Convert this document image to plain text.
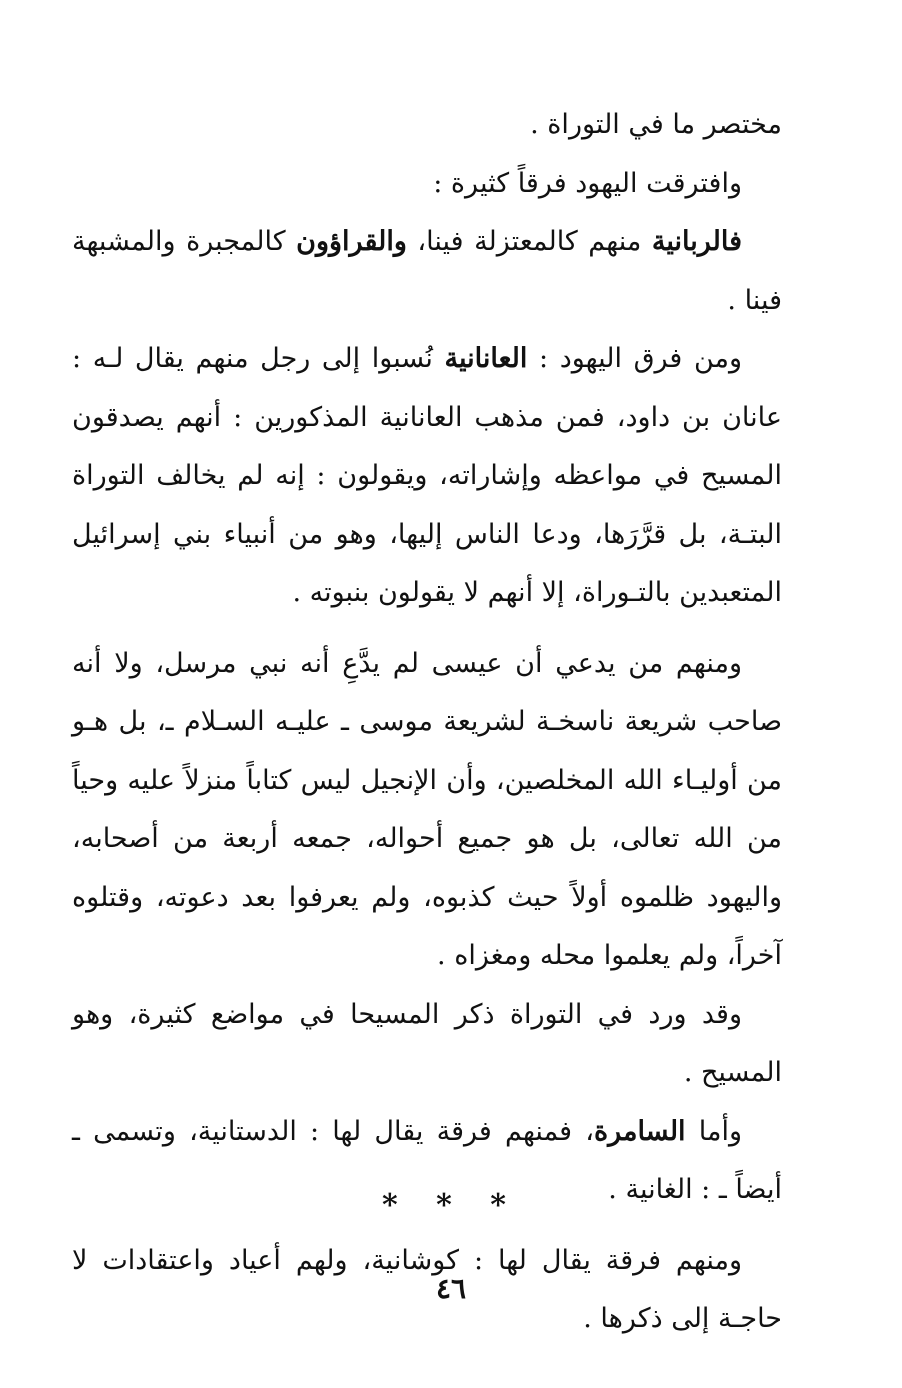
مختصر ما في التوراة .

وافترقت اليهود فرقاً كثيرة :

فالربانية منهم كالمعتزلة فينا، والقراؤون كالمجبرة والمشبهة فينا .

ومن فرق اليهود : العانانية نُسبوا إلى رجل منهم يقال لـه : عانان بن داود، فمن مذهب العانانية المذكورين : أنهم يصدقون المسيح في مواعظه وإشاراته، ويقولون : إنه لم يخالف التوراة البتـة، بل قرَّرَها، ودعا الناس إليها، وهو من أنبياء بني إسرائيل المتعبدين بالتـوراة، إلا أنهم لا يقولون بنبوته .

ومنهم من يدعي أن عيسى لم يدَّعِ أنه نبي مرسل، ولا أنه صاحب شريعة ناسخـة لشريعة موسى ـ عليـه السـلام ـ، بل هـو من أوليـاء الله المخلصين، وأن الإنجيل ليس كتاباً منزلاً عليه وحياً من الله تعالى، بل هو جميع أحواله، جمعه أربعة من أصحابه، واليهود ظلموه أولاً حيث كذبوه، ولم يعرفوا بعد دعوته، وقتلوه آخراً، ولم يعلموا محله ومغزاه .

وقد ورد في التوراة ذكر المسيحا في مواضع كثيرة، وهو المسيح .

وأما السامرة، فمنهم فرقة يقال لها : الدستانية، وتسمى ـ أيضاً ـ : الغانية .

ومنهم فرقة يقال لها : كوشانية، ولهم أعياد واعتقادات لا حاجـة إلى ذكرها .

* * *
٤٦
